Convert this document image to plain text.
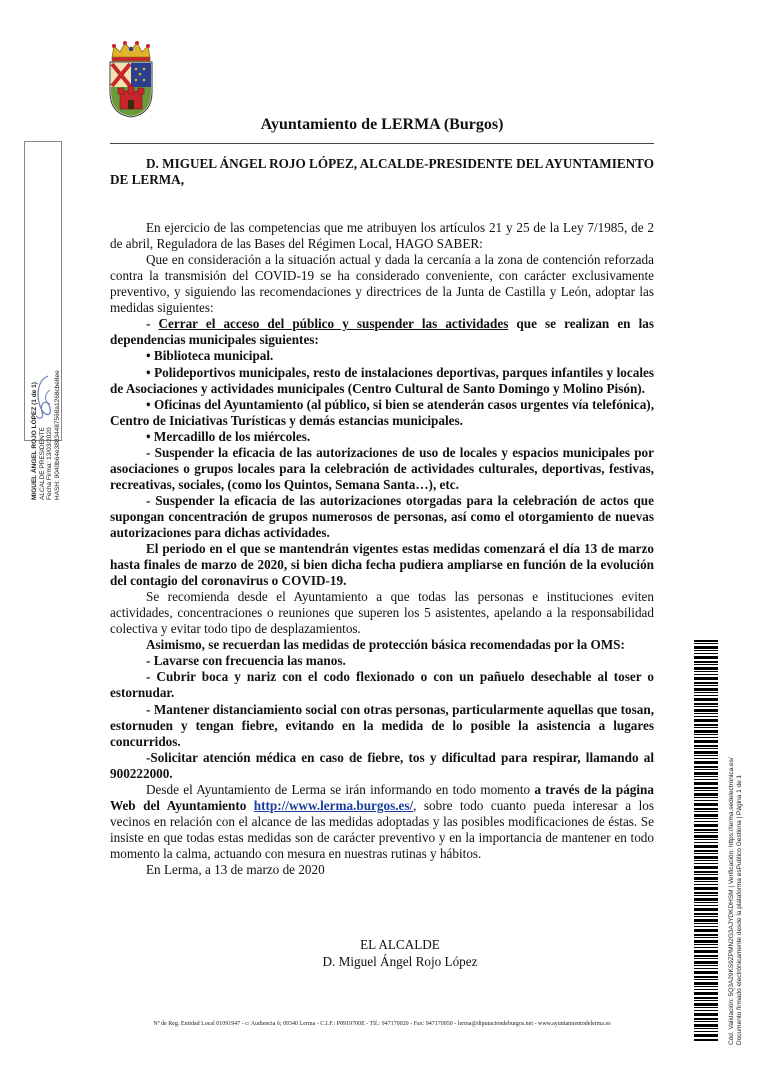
Ayuntamiento de LERMA (Burgos)
MIGUEL ÁNGEL ROJO LÓPEZ (1 de 1)
ALCALDE PRESIDENTE
Fecha Firma: 13/03/2020
HASH: 9040b64e38834487568a1268cbe8ee

D. MIGUEL ÁNGEL ROJO LÓPEZ, ALCALDE-PRESIDENTE DEL AYUNTAMIENTO DE LERMA,

En ejercicio de las competencias que me atribuyen los artículos 21 y 25 de la Ley 7/1985, de 2 de abril, Reguladora de las Bases del Régimen Local, HAGO SABER:

Que en consideración a la situación actual y dada la cercanía a la zona de contención reforzada contra la transmisión del COVID-19 se ha considerado conveniente, con carácter exclusivamente preventivo, y siguiendo las recomendaciones y directrices de la Junta de Castilla y León, adoptar las medidas siguientes:

- Cerrar el acceso del público y suspender las actividades que se realizan en las dependencias municipales siguientes:

• Biblioteca municipal.

• Polideportivos municipales, resto de instalaciones deportivas, parques infantiles y locales de Asociaciones y actividades municipales (Centro Cultural de Santo Domingo y Molino Pisón).

• Oficinas del Ayuntamiento (al público, si bien se atenderán casos urgentes vía telefónica), Centro de Iniciativas Turísticas y demás estancias municipales.

• Mercadillo de los miércoles.

- Suspender la eficacia de las autorizaciones de uso de locales y espacios municipales por asociaciones o grupos locales para la celebración de actividades culturales, deportivas, festivas, recreativas, sociales, (como los Quintos, Semana Santa…), etc.

- Suspender la eficacia de las autorizaciones otorgadas para la celebración de actos que supongan concentración de grupos numerosos de personas, así como el otorgamiento de nuevas autorizaciones para dichas actividades.

El periodo en el que se mantendrán vigentes estas medidas comenzará el día 13 de marzo hasta finales de marzo de 2020, si bien dicha fecha pudiera ampliarse en función de la evolución del contagio del coronavirus o COVID-19.

Se recomienda desde el Ayuntamiento a que todas las personas e instituciones eviten actividades, concentraciones o reuniones que superen los 5 asistentes, apelando a la responsabilidad colectiva y evitar todo tipo de desplazamientos.

Asimismo, se recuerdan las medidas de protección básica recomendadas por la OMS:

- Lavarse con frecuencia las manos.

- Cubrir boca y nariz con el codo flexionado o con un pañuelo desechable al toser o estornudar.

- Mantener distanciamiento social con otras personas, particularmente aquellas que tosan, estornuden y tengan fiebre, evitando en la medida de lo posible la asistencia a lugares concurridos.

-Solicitar atención médica en caso de fiebre, tos y dificultad para respirar, llamando al 900222000.

Desde el Ayuntamiento de Lerma se irán informando en todo momento a través de la página Web del Ayuntamiento http://www.lerma.burgos.es/, sobre todo cuanto pueda interesar a los vecinos en relación con el alcance de las medidas adoptadas y las posibles modificaciones de éstas. Se insiste en que todas estas medidas son de carácter preventivo y en la importancia de mantener en todo momento la calma, actuando con mesura en nuestras rutinas y hábitos.

En Lerma, a 13 de marzo de 2020

EL ALCALDE
D. Miguel Ángel Rojo López
Nº de Reg. Entidad Local 01091947 - c/ Audiencia 6; 09340 Lerma - C.I.F.: P0919700E - Tlf.: 947170020 - Fax: 947170950 - lerma@diputaciondeburgos.net - www.ayuntamientodelerma.es	Cód. Validación: 5Q3A29KS9ZPMN2G3AJYDKDHSM | Verificación: https://lerma.sedelectronica.es/
Documento firmado electrónicamente desde la plataforma esPublico Gestiona | Página 1 de 1
